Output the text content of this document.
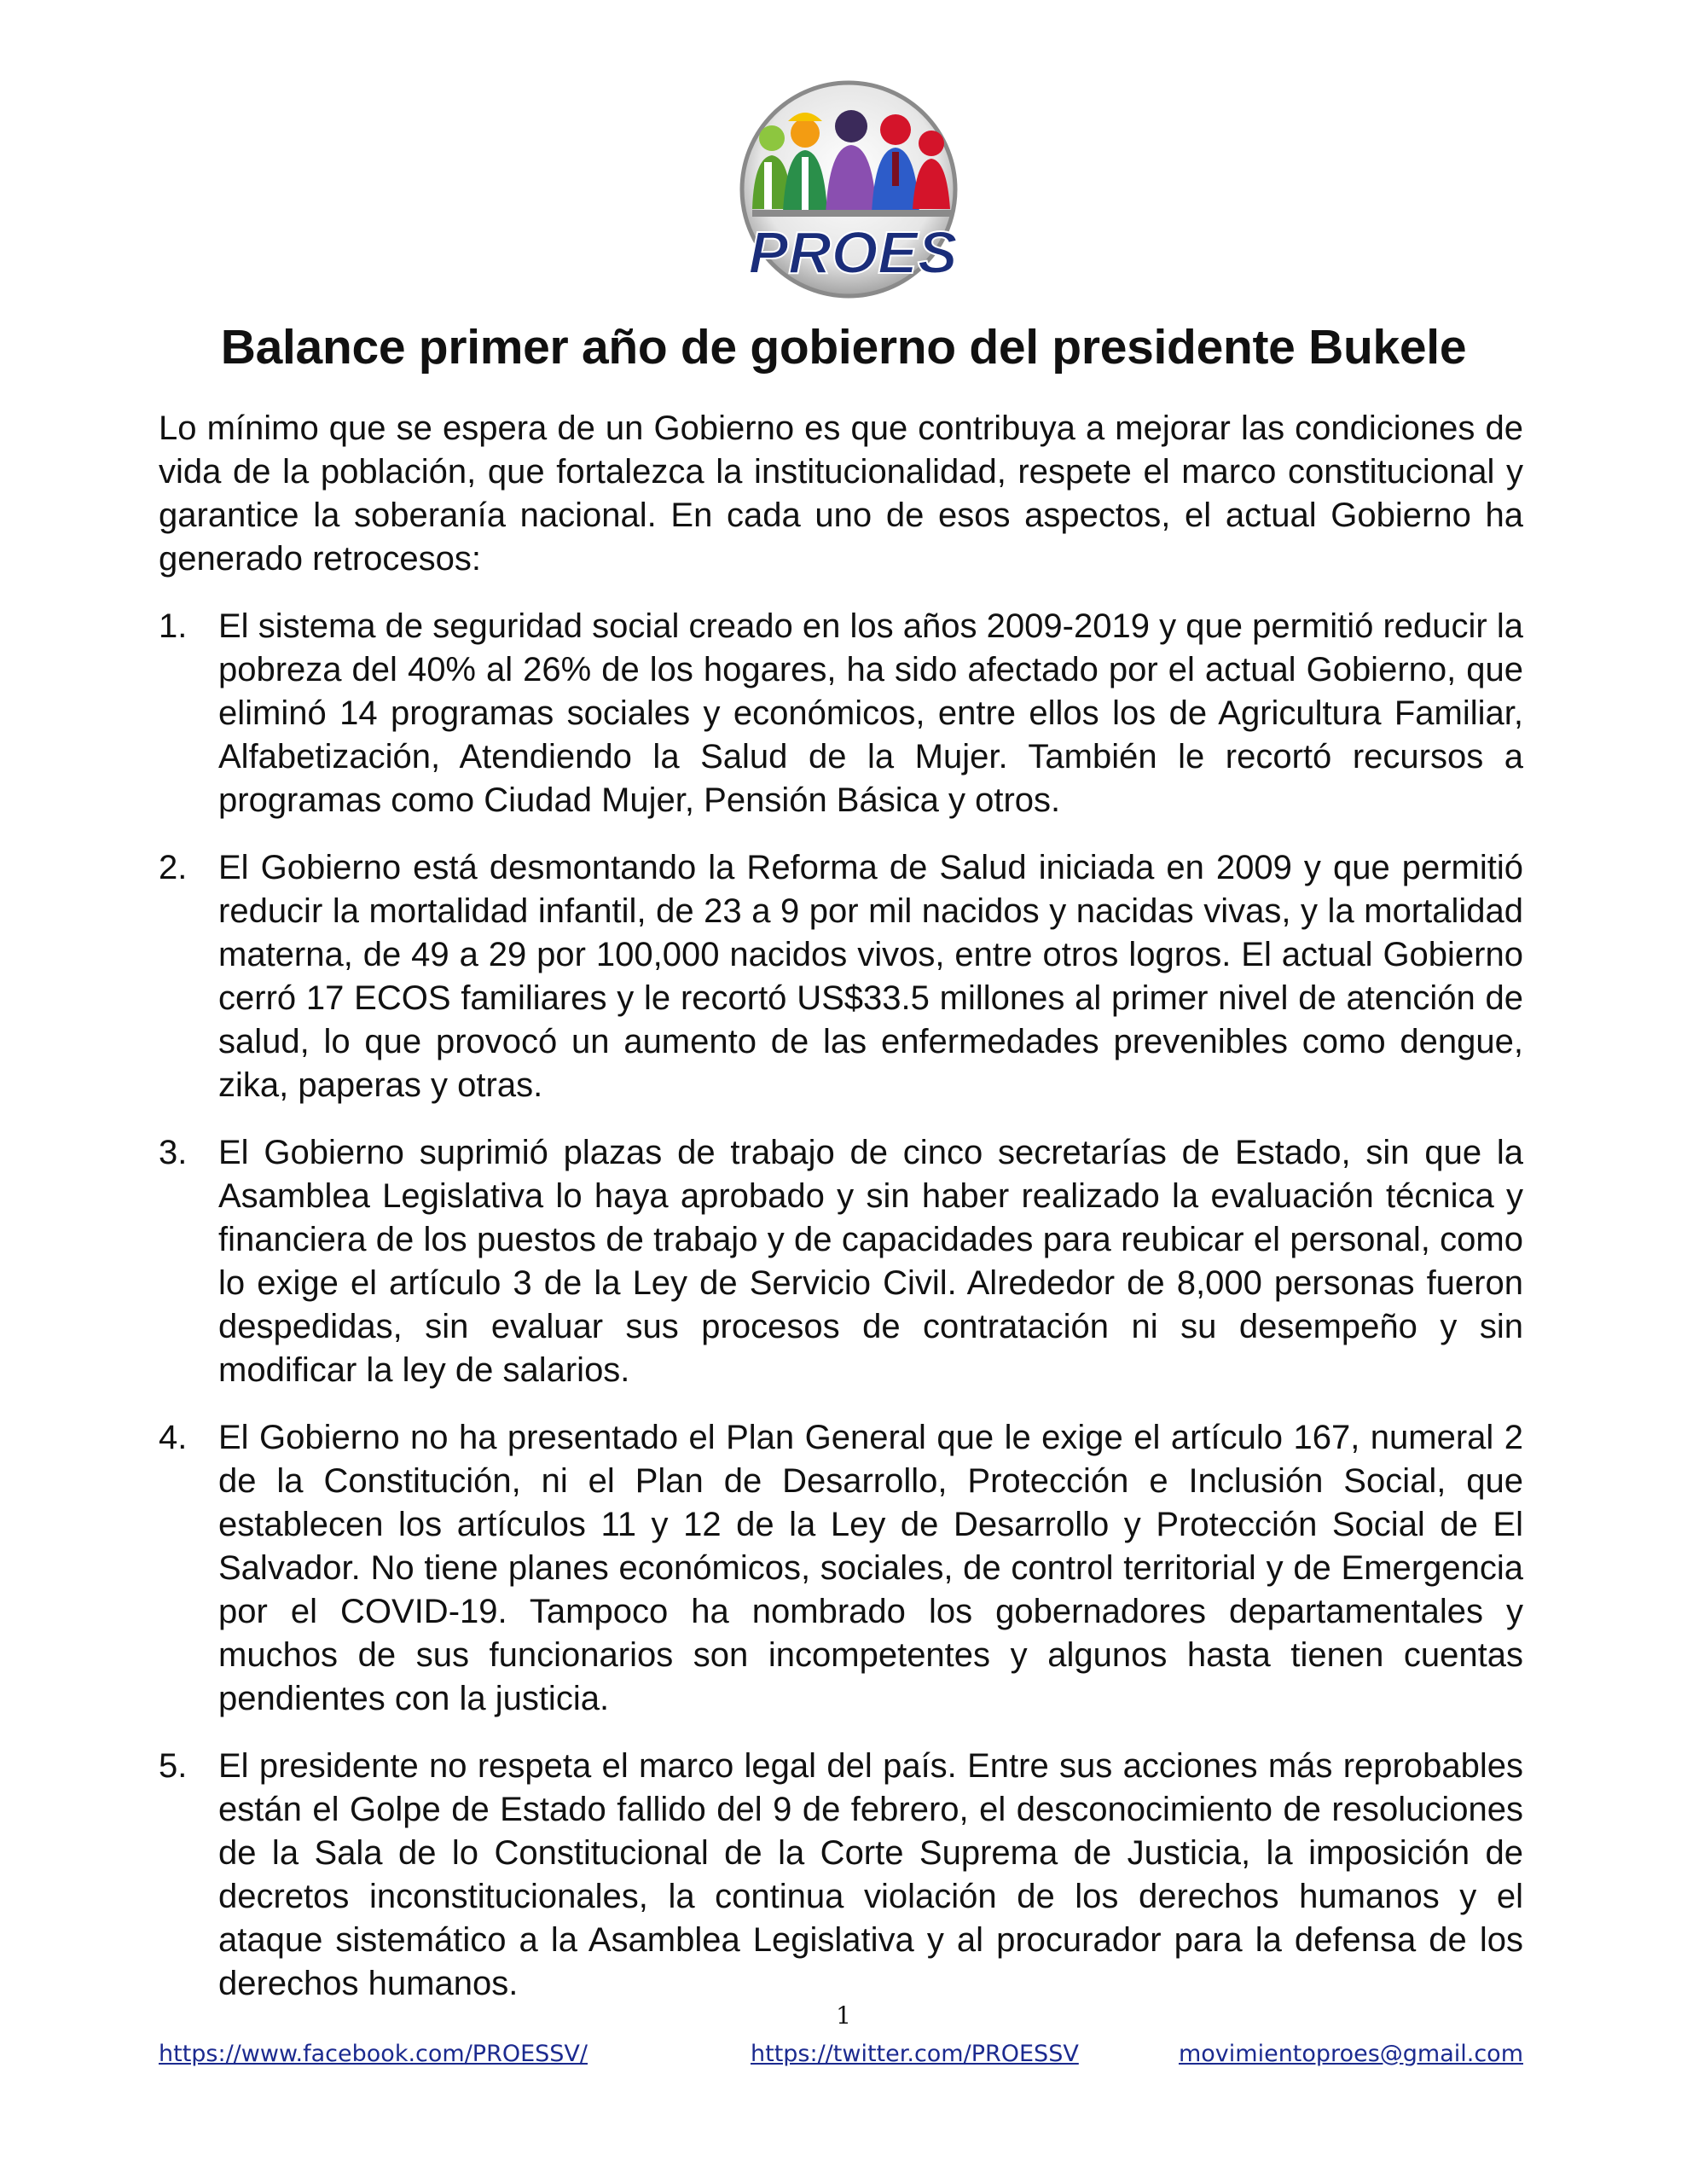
PROES
Balance primer año de gobierno del presidente Bukele

Lo mínimo que se espera de un Gobierno es que contribuya a mejorar las condiciones de vida de la población, que fortalezca la institucionalidad, respete el marco constitucional y garantice la soberanía nacional. En cada uno de esos aspectos, el actual Gobierno ha generado retrocesos:

1. El sistema de seguridad social creado en los años 2009-2019 y que permitió reducir la pobreza del 40% al 26% de los hogares, ha sido afectado por el actual Gobierno, que eliminó 14 programas sociales y económicos, entre ellos los de Agricultura Familiar, Alfabetización, Atendiendo la Salud de la Mujer. También le recortó recursos a programas como Ciudad Mujer, Pensión Básica y otros.
2. El Gobierno está desmontando la Reforma de Salud iniciada en 2009 y que permitió reducir la mortalidad infantil, de 23 a 9 por mil nacidos y nacidas vivas, y la mortalidad materna, de 49 a 29 por 100,000 nacidos vivos, entre otros logros. El actual Gobierno cerró 17 ECOS familiares y le recortó US$33.5 millones al primer nivel de atención de salud, lo que provocó un aumento de las enfermedades prevenibles como dengue, zika, paperas y otras.
3. El Gobierno suprimió plazas de trabajo de cinco secretarías de Estado, sin que la Asamblea Legislativa lo haya aprobado y sin haber realizado la evaluación técnica y financiera de los puestos de trabajo y de capacidades para reubicar el personal, como lo exige el artículo 3 de la Ley de Servicio Civil. Alrededor de 8,000 personas fueron despedidas, sin evaluar sus procesos de contratación ni su desempeño y sin modificar la ley de salarios.
4. El Gobierno no ha presentado el Plan General que le exige el artículo 167, numeral 2 de la Constitución, ni el Plan de Desarrollo, Protección e Inclusión Social, que establecen los artículos 11 y 12 de la Ley de Desarrollo y Protección Social de El Salvador. No tiene planes económicos, sociales, de control territorial y de Emergencia por el COVID-19. Tampoco ha nombrado los gobernadores departamentales y muchos de sus funcionarios son incompetentes y algunos hasta tienen cuentas pendientes con la justicia.
5. El presidente no respeta el marco legal del país. Entre sus acciones más reprobables están el Golpe de Estado fallido del 9 de febrero, el desconocimiento de resoluciones de la Sala de lo Constitucional de la Corte Suprema de Justicia, la imposición de decretos inconstitucionales, la continua violación de los derechos humanos y el ataque sistemático a la Asamblea Legislativa y al procurador para la defensa de los derechos humanos.
1
https://www.facebook.com/PROESSV/	https://twitter.com/PROESSV	movimientoproes@gmail.com
